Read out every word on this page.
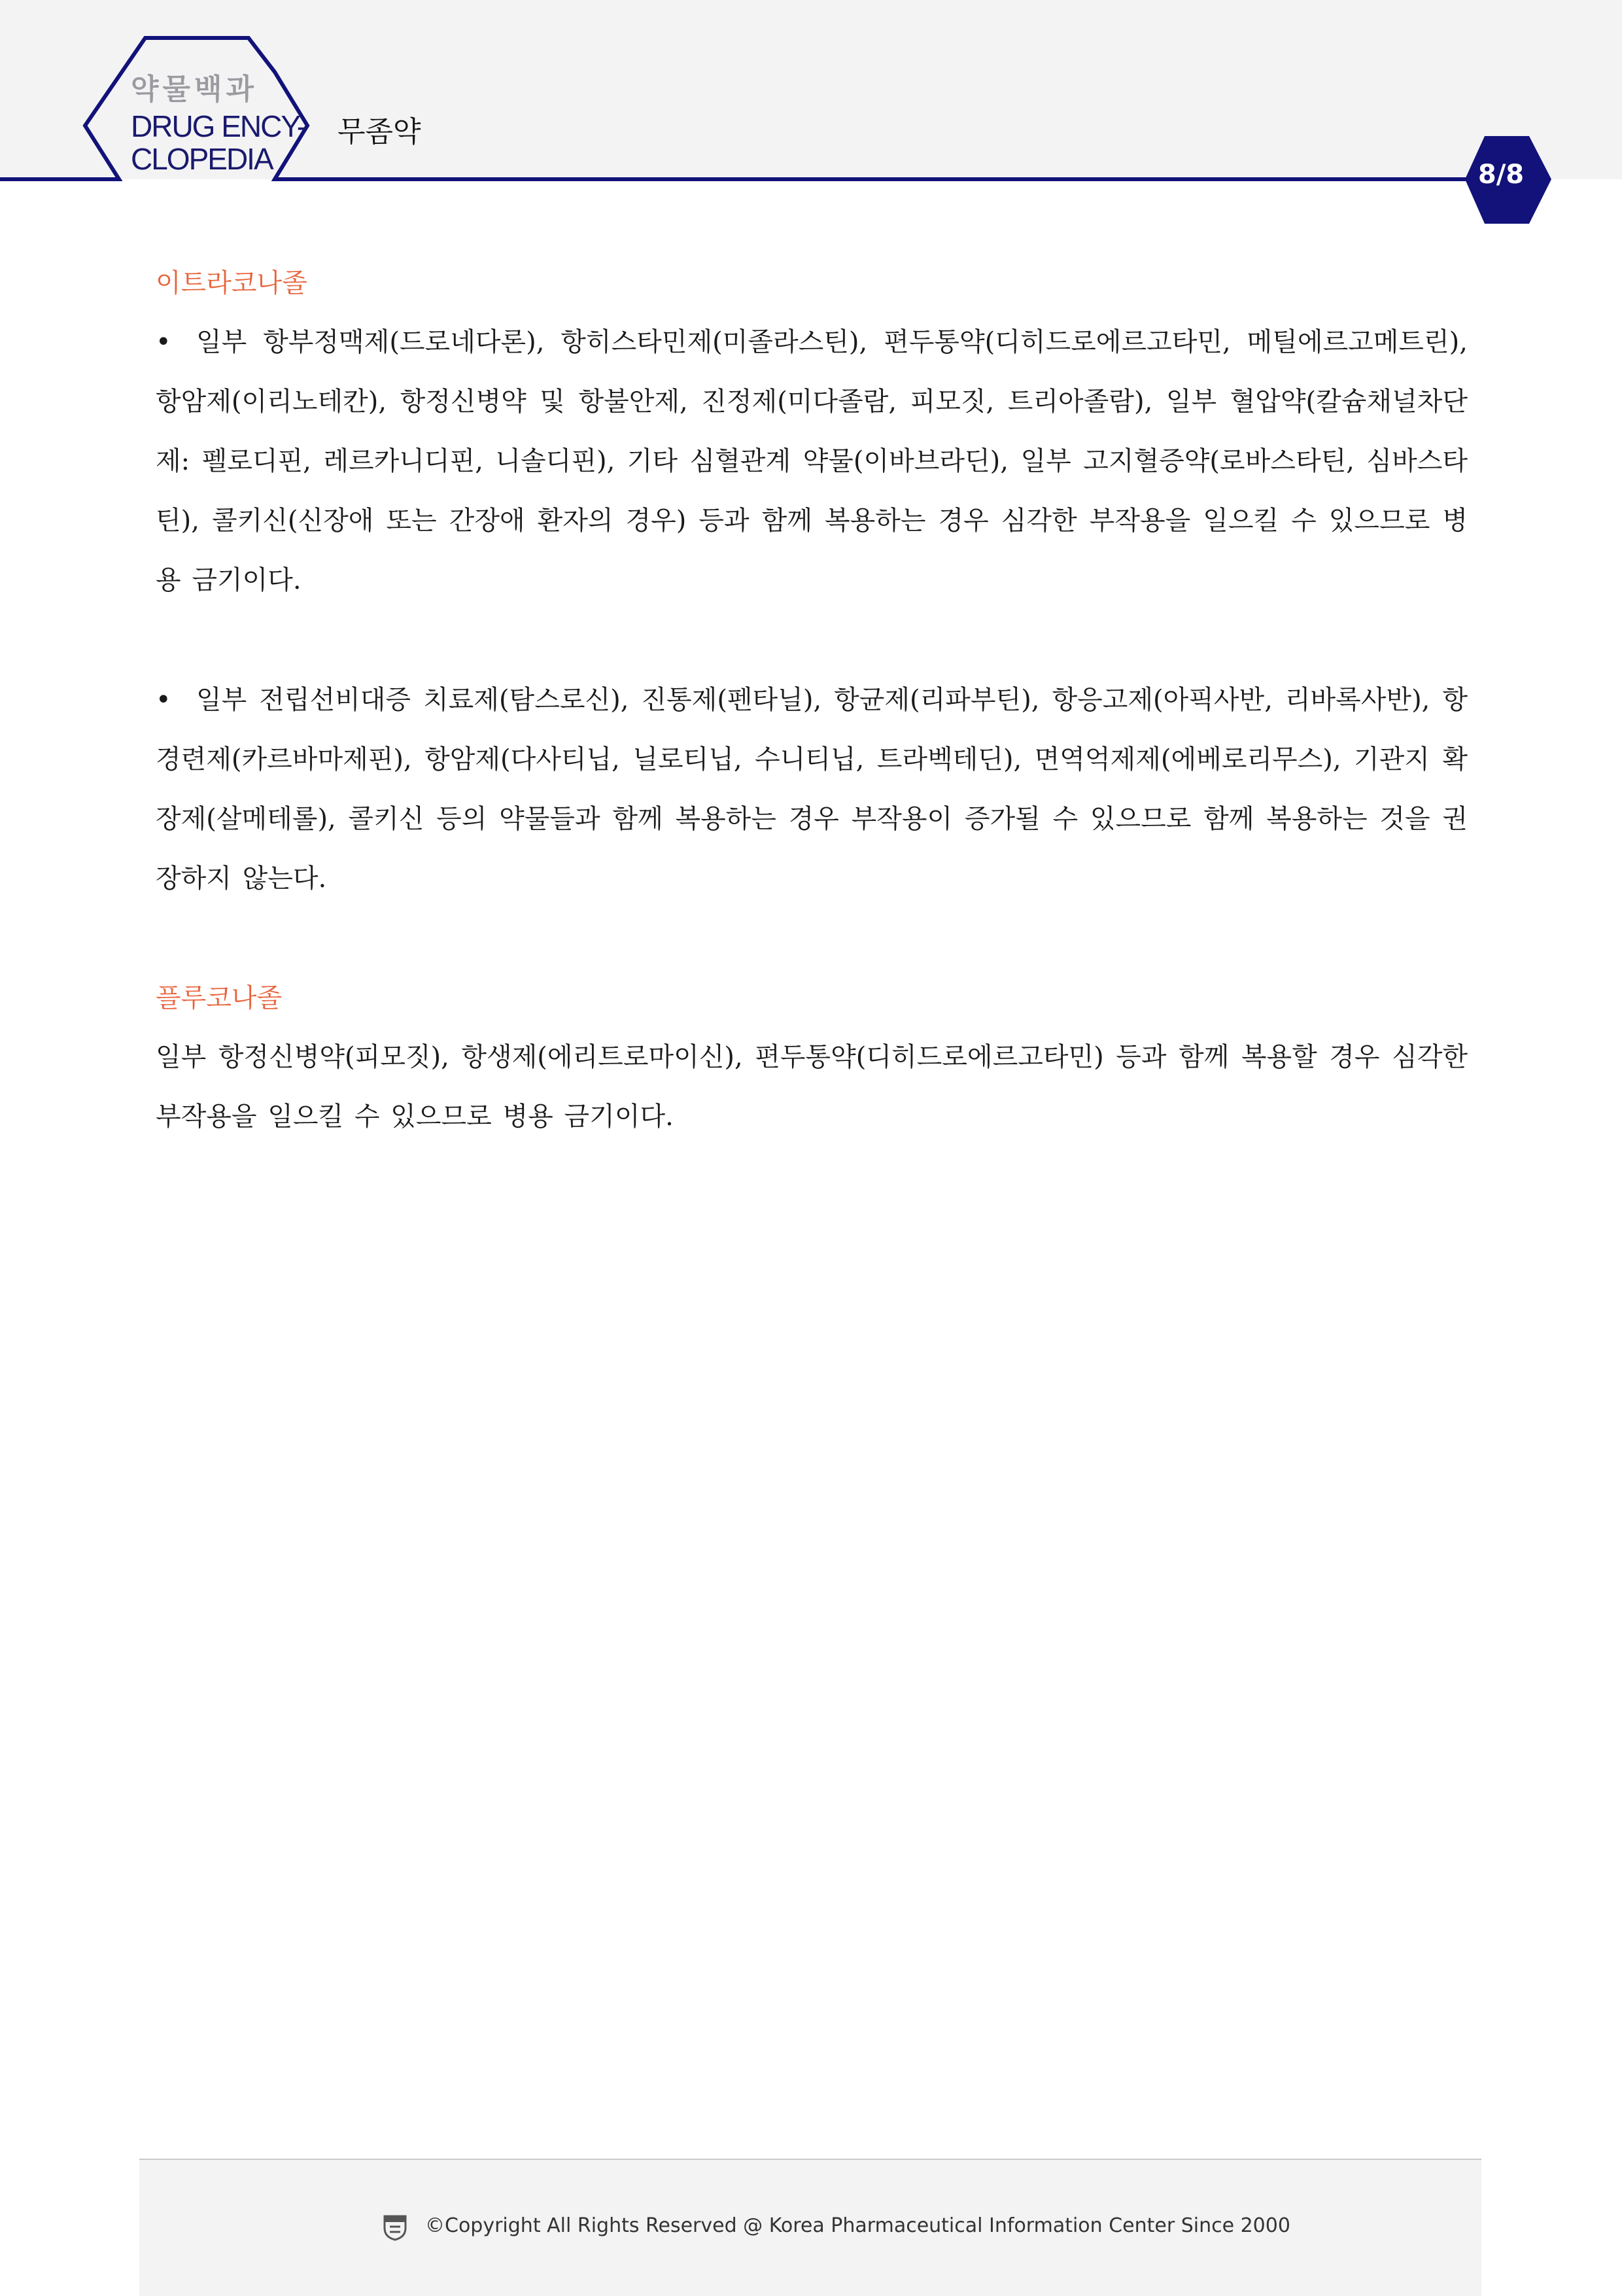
약물백과
DRUG ENCY-
CLOPEDIA
무좀약
8/8
이트라코나졸
• 일부 항부정맥제(드로네다론), 항히스타민제(미졸라스틴), 편두통약(디히드로에르고타민, 메틸에르고메트린), 항암제(이리노테칸), 항정신병약 및 항불안제, 진정제(미다졸람, 피모짓, 트리아졸람), 일부 혈압약(칼슘채널차단제: 펠로디핀, 레르카니디핀, 니솔디핀), 기타 심혈관계 약물(이바브라딘), 일부 고지혈증약(로바스타틴, 심바스타틴), 콜키신(신장애 또는 간장애 환자의 경우) 등과 함께 복용하는 경우 심각한 부작용을 일으킬 수 있으므로 병용 금기이다.
• 일부 전립선비대증 치료제(탐스로신), 진통제(펜타닐), 항균제(리파부틴), 항응고제(아픽사반, 리바록사반), 항경련제(카르바마제핀), 항암제(다사티닙, 닐로티닙, 수니티닙, 트라벡테딘), 면역억제제(에베로리무스), 기관지 확장제(살메테롤), 콜키신 등의 약물들과 함께 복용하는 경우 부작용이 증가될 수 있으므로 함께 복용하는 것을 권장하지 않는다.
플루코나졸
일부 항정신병약(피모짓), 항생제(에리트로마이신), 편두통약(디히드로에르고타민) 등과 함께 복용할 경우 심각한 부작용을 일으킬 수 있으므로 병용 금기이다.
©Copyright All Rights Reserved @ Korea Pharmaceutical Information Center Since 2000
